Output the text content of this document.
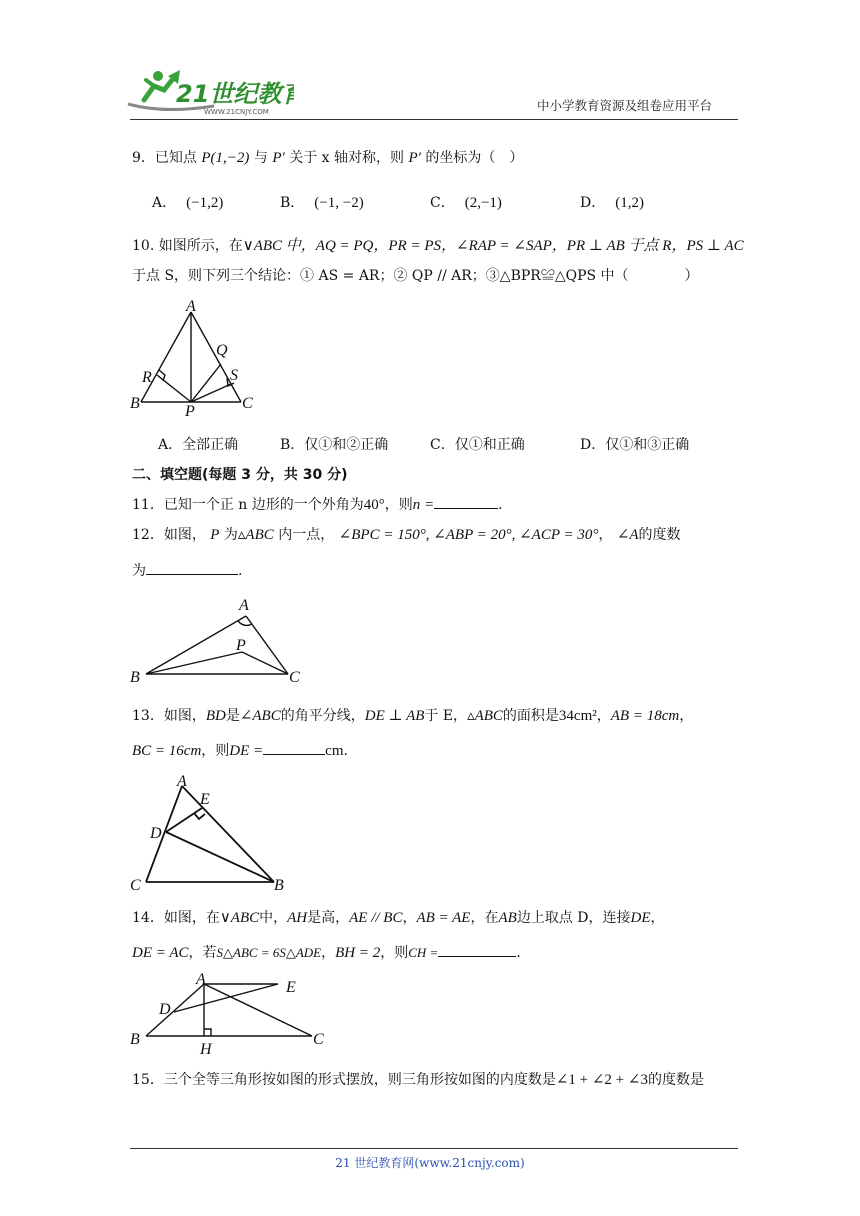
21世纪教育
WWW.21CNJY.COM	中小学教育资源及组卷应用平台
9．已知点 P(1,−2) 与 P′ 关于 x 轴对称，则 P′ 的坐标为（　）
A． (−1,2)	B． (−1, −2)	C． (2,−1)	D． (1,2)
10. 如图所示，在∨ABC 中，AQ = PQ，PR = PS，∠RAP = ∠SAP，PR ⊥ AB 于点 R，PS ⊥ AC
于点 S，则下列三个结论：① AS = AR；② QP // AR；③△BPR≌△QPS 中（　　　　）
A
Q
R	S
B	P	C
A．全部正确	B．仅①和②正确	C．仅①和正确	D．仅①和③正确
二、填空题(每题 3 分，共 30 分)
11．已知一个正 n 边形的一个外角为40°，则n =	.
12．如图， P 为▵ABC 内一点， ∠BPC = 150°, ∠ABP = 20°, ∠ACP = 30°， ∠A的度数
为	.
A
P
B	C
13．如图，BD是∠ABC的角平分线，DE ⊥ AB于 E，▵ABC的面积是34cm²，AB = 18cm，
BC = 16cm，则DE =	cm.
A
E
D
C	B
14．如图，在∨ABC中，AH是高，AE // BC，AB = AE，在AB边上取点 D，连接DE，
DE = AC，若S△ABC = 6S△ADE，BH = 2，则CH =	.
A	E
D
B
H
C
15．三个全等三角形按如图的形式摆放，则三角形按如图的内度数是∠1 + ∠2 + ∠3的度数是
21 世纪教育网(www.21cnjy.com)
